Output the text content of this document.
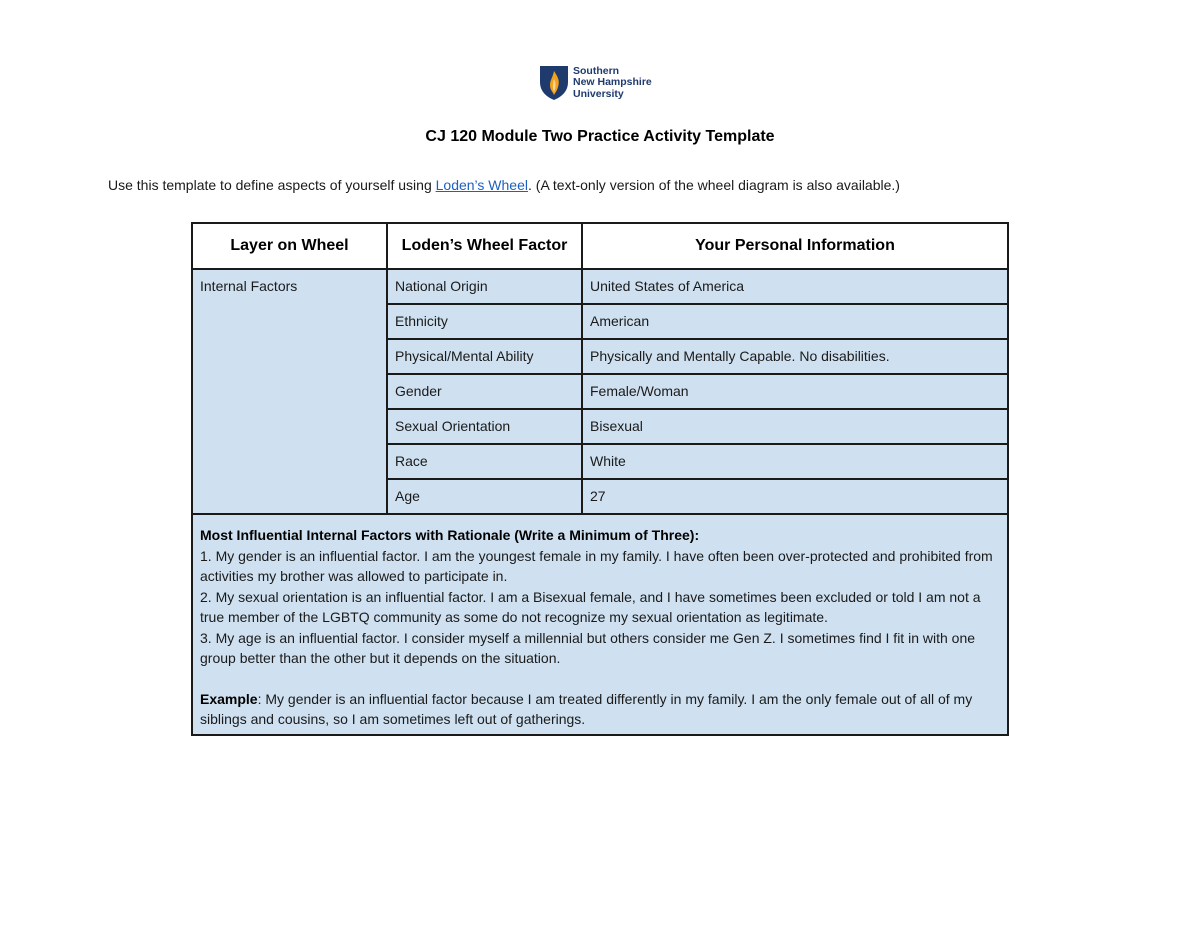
Southern
New Hampshire
University
CJ 120 Module Two Practice Activity Template
Use this template to define aspects of yourself using Loden’s Wheel. (A text-only version of the wheel diagram is also available.)
Layer on Wheel	Loden’s Wheel Factor	Your Personal Information
Internal Factors	National Origin	United States of America
	Ethnicity	American
	Physical/Mental Ability	Physically and Mentally Capable. No disabilities.
	Gender	Female/Woman
	Sexual Orientation	Bisexual
	Race	White
	Age	27

Most Influential Internal Factors with Rationale (Write a Minimum of Three):

1. My gender is an influential factor. I am the youngest female in my family. I have often been over-protected and prohibited from activities my brother was allowed to participate in.

2. My sexual orientation is an influential factor. I am a Bisexual female, and I have sometimes been excluded or told I am not a true member of the LGBTQ community as some do not recognize my sexual orientation as legitimate.

3. My age is an influential factor. I consider myself a millennial but others consider me Gen Z. I sometimes find I fit in with one group better than the other but it depends on the situation.

Example: My gender is an influential factor because I am treated differently in my family. I am the only female out of all of my siblings and cousins, so I am sometimes left out of gatherings.		
